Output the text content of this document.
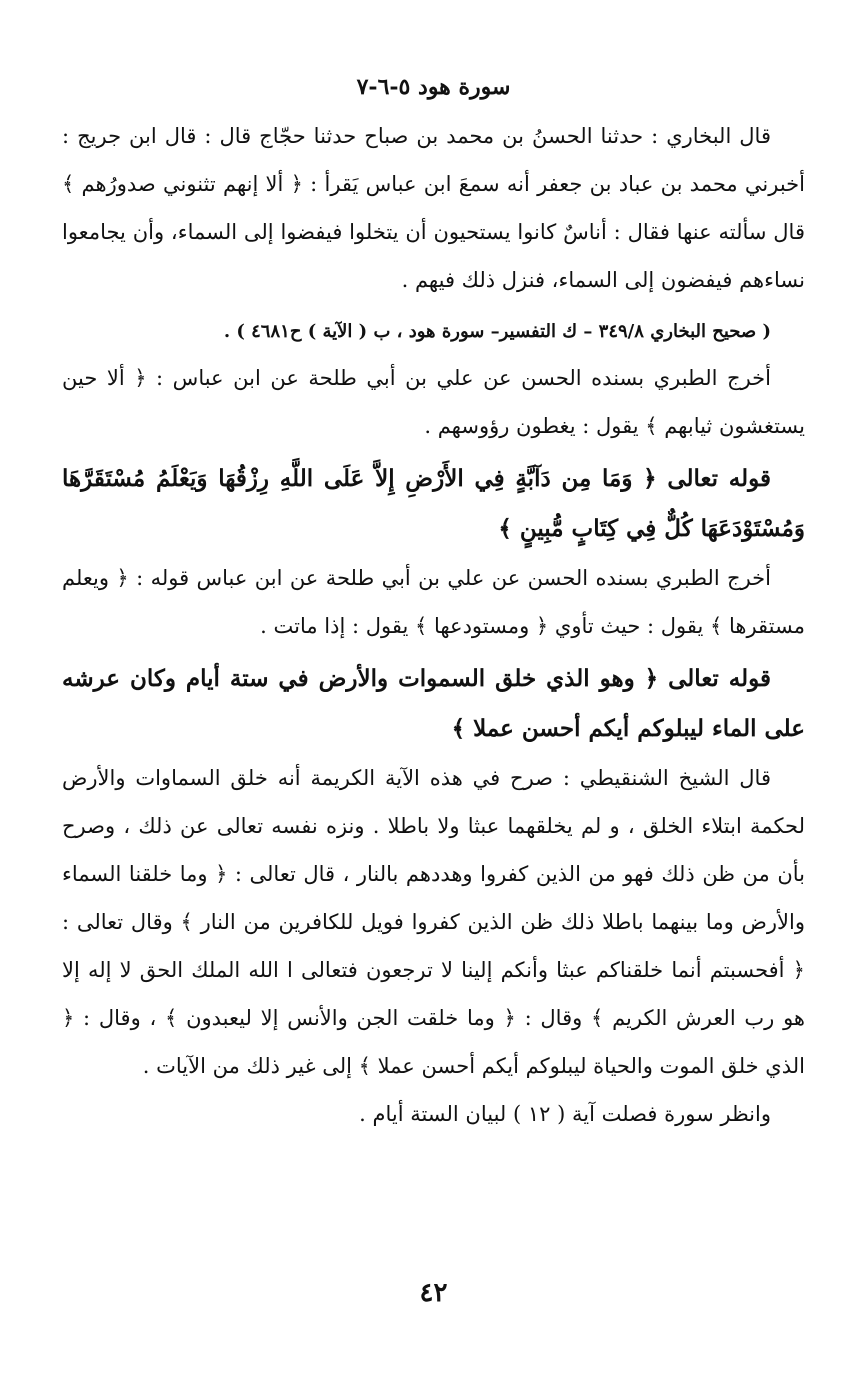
سورة هود ٥-٦-٧

قال البخاري : حدثنا الحسنُ بن محمد بن صباح حدثنا حجّاج قال : قال ابن جريج : أخبرني محمد بن عباد بن جعفر أنه سمعَ ابن عباس يَقرأ : ﴿ ألا إنهم تثنوني صدورُهم ﴾ قال سألته عنها فقال : أناسٌ كانوا يستحيون أن يتخلوا فيفضوا إلى السماء، وأن يجامعوا نساءهم فيفضون إلى السماء، فنزل ذلك فيهم .

( صحيح البخاري ٣٤٩/٨ – ك التفسير– سورة هود ، ب ( الآية ) ح٤٦٨١ ) .

أخرج الطبري بسنده الحسن عن علي بن أبي طلحة عن ابن عباس : ﴿ ألا حين يستغشون ثيابهم ﴾ يقول : يغطون رؤوسهم .

قوله تعالى ﴿ وَمَا مِن دَآبَّةٍ فِي الأَرْضِ إِلاَّ عَلَى اللَّهِ رِزْقُهَا وَيَعْلَمُ مُسْتَقَرَّهَا وَمُسْتَوْدَعَهَا كُلٌّ فِي كِتَابٍ مُّبِينٍ ﴾

أخرج الطبري بسنده الحسن عن علي بن أبي طلحة عن ابن عباس قوله : ﴿ ويعلم مستقرها ﴾ يقول : حيث تأوي ﴿ ومستودعها ﴾ يقول : إذا ماتت .

قوله تعالى ﴿ وهو الذي خلق السموات والأرض في ستة أيام وكان عرشه على الماء ليبلوكم أيكم أحسن عملا ﴾

قال الشيخ الشنقيطي : صرح في هذه الآية الكريمة أنه خلق السماوات والأرض لحكمة ابتلاء الخلق ، و لم يخلقهما عبثا ولا باطلا . ونزه نفسه تعالى عن ذلك ، وصرح بأن من ظن ذلك فهو من الذين كفروا وهددهم بالنار ، قال تعالى : ﴿ وما خلقنا السماء والأرض وما بينهما باطلا ذلك ظن الذين كفروا فويل للكافرين من النار ﴾ وقال تعالى : ﴿ أفحسبتم أنما خلقناكم عبثا وأنكم إلينا لا ترجعون فتعالى ا الله الملك الحق لا إله إلا هو رب العرش الكريم ﴾ وقال : ﴿ وما خلقت الجن والأنس إلا ليعبدون ﴾ ، وقال : ﴿ الذي خلق الموت والحياة ليبلوكم أيكم أحسن عملا ﴾ إلى غير ذلك من الآيات .

وانظر سورة فصلت آية ( ١٢ ) لبيان الستة أيام .

٤٢
